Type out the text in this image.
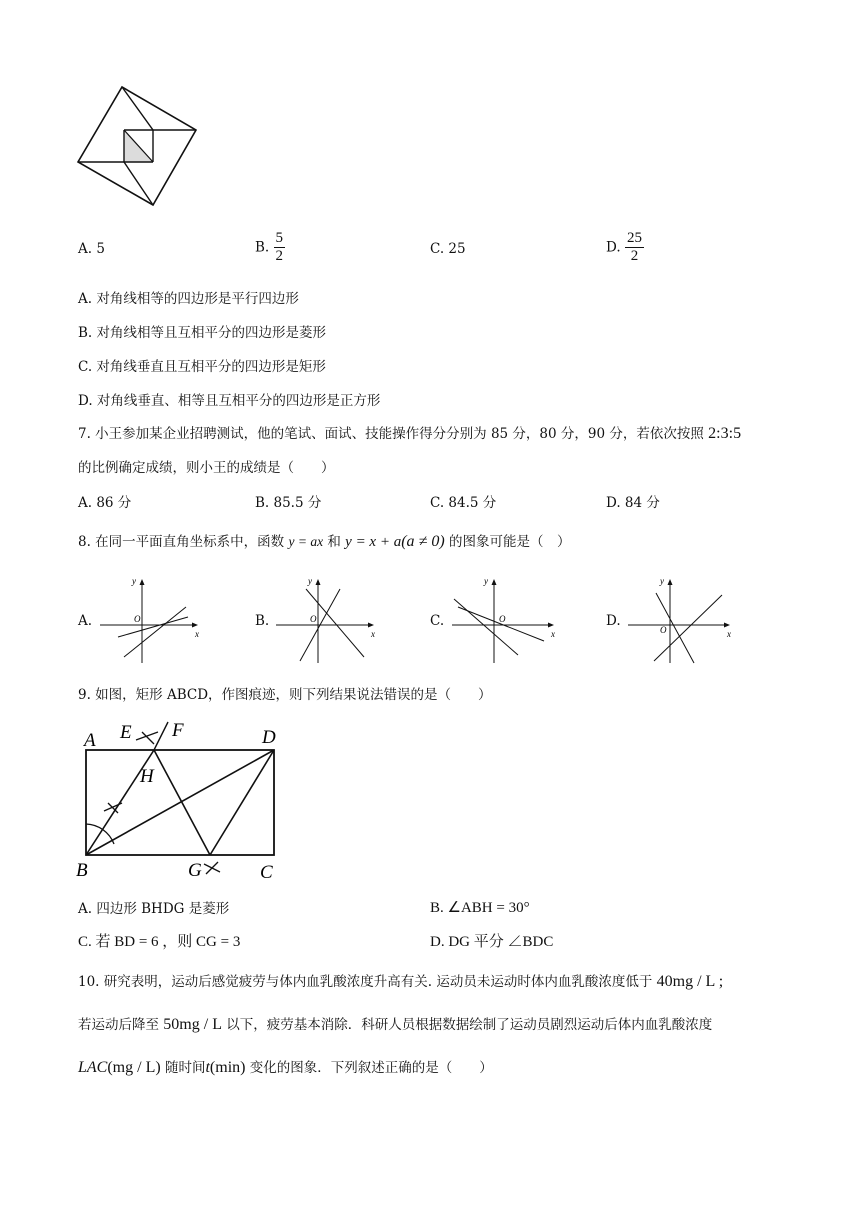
A. 5	B. $\frac{5}{2}$	C. 25	D. $\frac{25}{2}$
A. 对角线相等的四边形是平行四边形
B. 对角线相等且互相平分的四边形是菱形
C. 对角线垂直且互相平分的四边形是矩形
D. 对角线垂直、相等且互相平分的四边形是正方形
7. 小王参加某企业招聘测试，他的笔试、面试、技能操作得分分别为 85 分，80 分，90 分，若依次按照 2:3:5
的比例确定成绩，则小王的成绩是（　　）
A. 86 分	B. 85.5 分	C. 84.5 分	D. 84 分
8. 在同一平面直角坐标系中，函数 y = ax 和 y = x + a(a ≠ 0) 的图象可能是（　）
A.
x
y
O	B.
x
y
O	C.
x
y
O	D.
x
y
O
9. 如图，矩形 ABCD，作图痕迹，则下列结果说法错误的是（　　）
A
B	C
D
E F
G
H
A. 四边形 BHDG 是菱形	B. ∠ABH = 30°
C. 若 BD = 6 ，则 CG = 3	D. DG 平分 ∠BDC
10. 研究表明，运动后感觉疲劳与体内血乳酸浓度升高有关. 运动员未运动时体内血乳酸浓度低于 40mg / L ;
若运动后降至 50mg / L 以下，疲劳基本消除．科研人员根据数据绘制了运动员剧烈运动后体内血乳酸浓度
LAC(mg / L) 随时间t(min) 变化的图象．下列叙述正确的是（　　）
